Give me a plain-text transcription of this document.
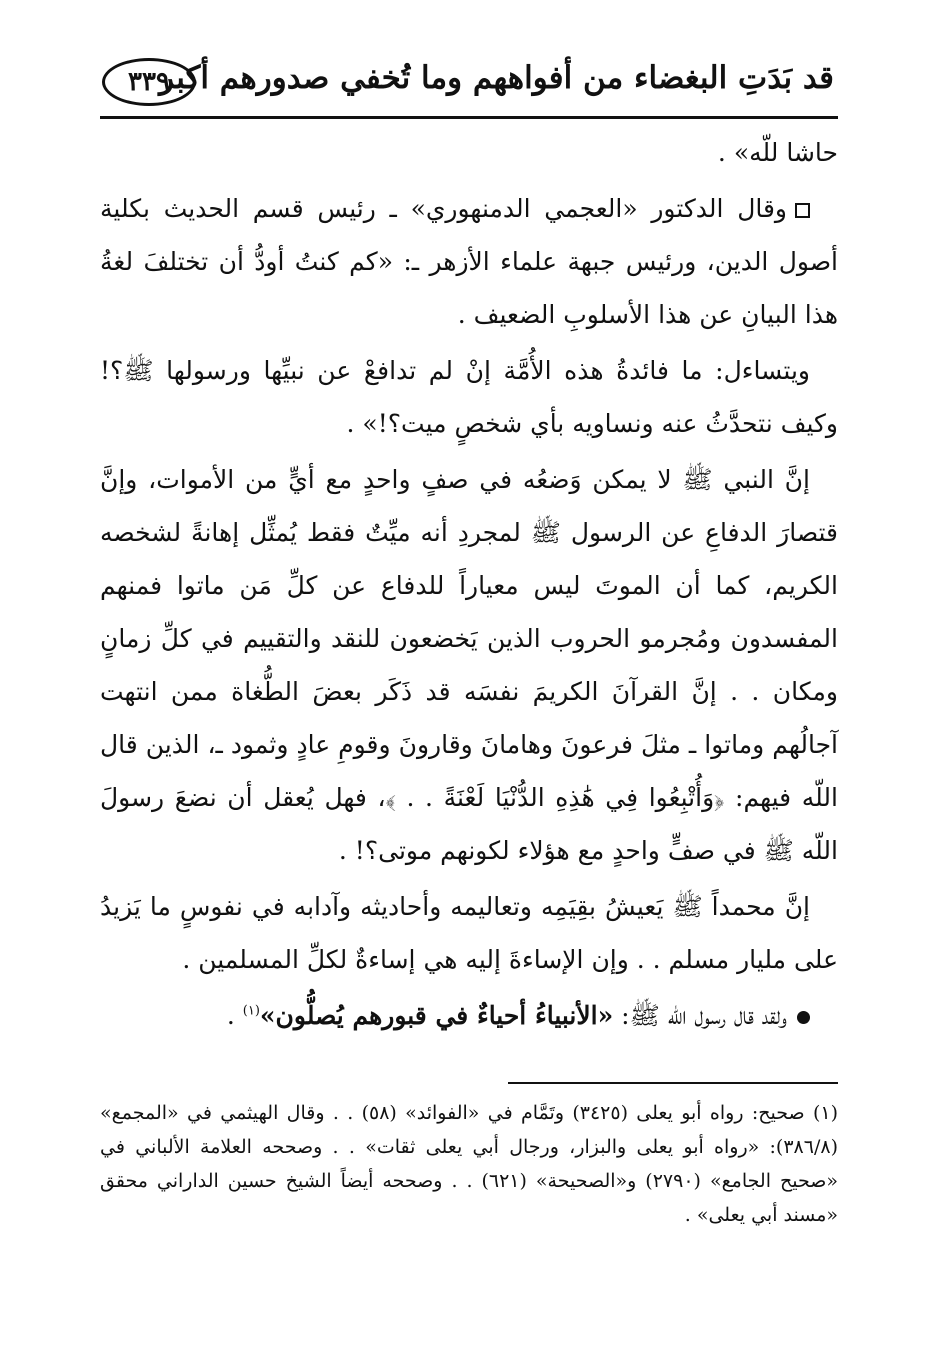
قد بَدَتِ البغضاء من أفواههم وما تُخفي صدورهم أكبر
٣٣٩

حاشا للّه» .

وقال الدكتور «العجمي الدمنهوري» ـ رئيس قسم الحديث بكلية أصول الدين، ورئيس جبهة علماء الأزهر ـ: «كم كنتُ أودُّ أن تختلفَ لغةُ هذا البيانِ عن هذا الأسلوبِ الضعيف .

ويتساءل: ما فائدةُ هذه الأُمَّة إنْ لم تدافعْ عن نبيِّها ورسولها ﷺ؟! وكيف نتحدَّثُ عنه ونساويه بأي شخصٍ ميت؟!» .

إنَّ النبي ﷺ لا يمكن وَضعُه في صفٍ واحدٍ مع أيٍّ من الأموات، وإنَّ قتصارَ الدفاعِ عن الرسول ﷺ لمجردِ أنه ميِّتٌ فقط يُمثِّل إهانةً لشخصه الكريم، كما أن الموتَ ليس معياراً للدفاع عن كلِّ مَن ماتوا فمنهم المفسدون ومُجرمو الحروب الذين يَخضعون للنقد والتقييم في كلِّ زمانٍ ومكان . . إنَّ القرآنَ الكريمَ نفسَه قد ذَكَر بعضَ الطُّغاة ممن انتهت آجالُهم وماتوا ـ مثلَ فرعونَ وهامانَ وقارونَ وقومِ عادٍ وثمود ـ، الذين قال اللّه فيهم: ﴿وَأُتْبِعُوا فِي هَٰذِهِ الدُّنْيَا لَعْنَةً . . ﴾، فهل يُعقل أن نضعَ رسولَ اللّه ﷺ في صفٍّ واحدٍ مع هؤلاء لكونهم موتى؟! .

إنَّ محمداً ﷺ يَعيشُ بقِيَمِه وتعاليمه وأحاديثه وآدابه في نفوسٍ ما يَزيدُ على مليار مسلم . . وإن الإساءةَ إليه هي إساءةٌ لكلِّ المسلمين .

ولقد قال رسول اللّه ﷺ: «الأنبياءُ أحياءٌ في قبورهم يُصلُّون»$^{(١)}$ .

(١) صحيح: رواه أبو يعلى (٣٤٢٥) وتَمَّام في «الفوائد» (٥٨) . . وقال الهيثمي في «المجمع» (٣٨٦/٨): «رواه أبو يعلى والبزار، ورجال أبي يعلى ثقات» . . وصححه العلامة الألباني في «صحيح الجامع» (٢٧٩٠) و«الصحيحة» (٦٢١) . . وصححه أيضاً الشيخ حسين الداراني محقق «مسند أبي يعلى» .
